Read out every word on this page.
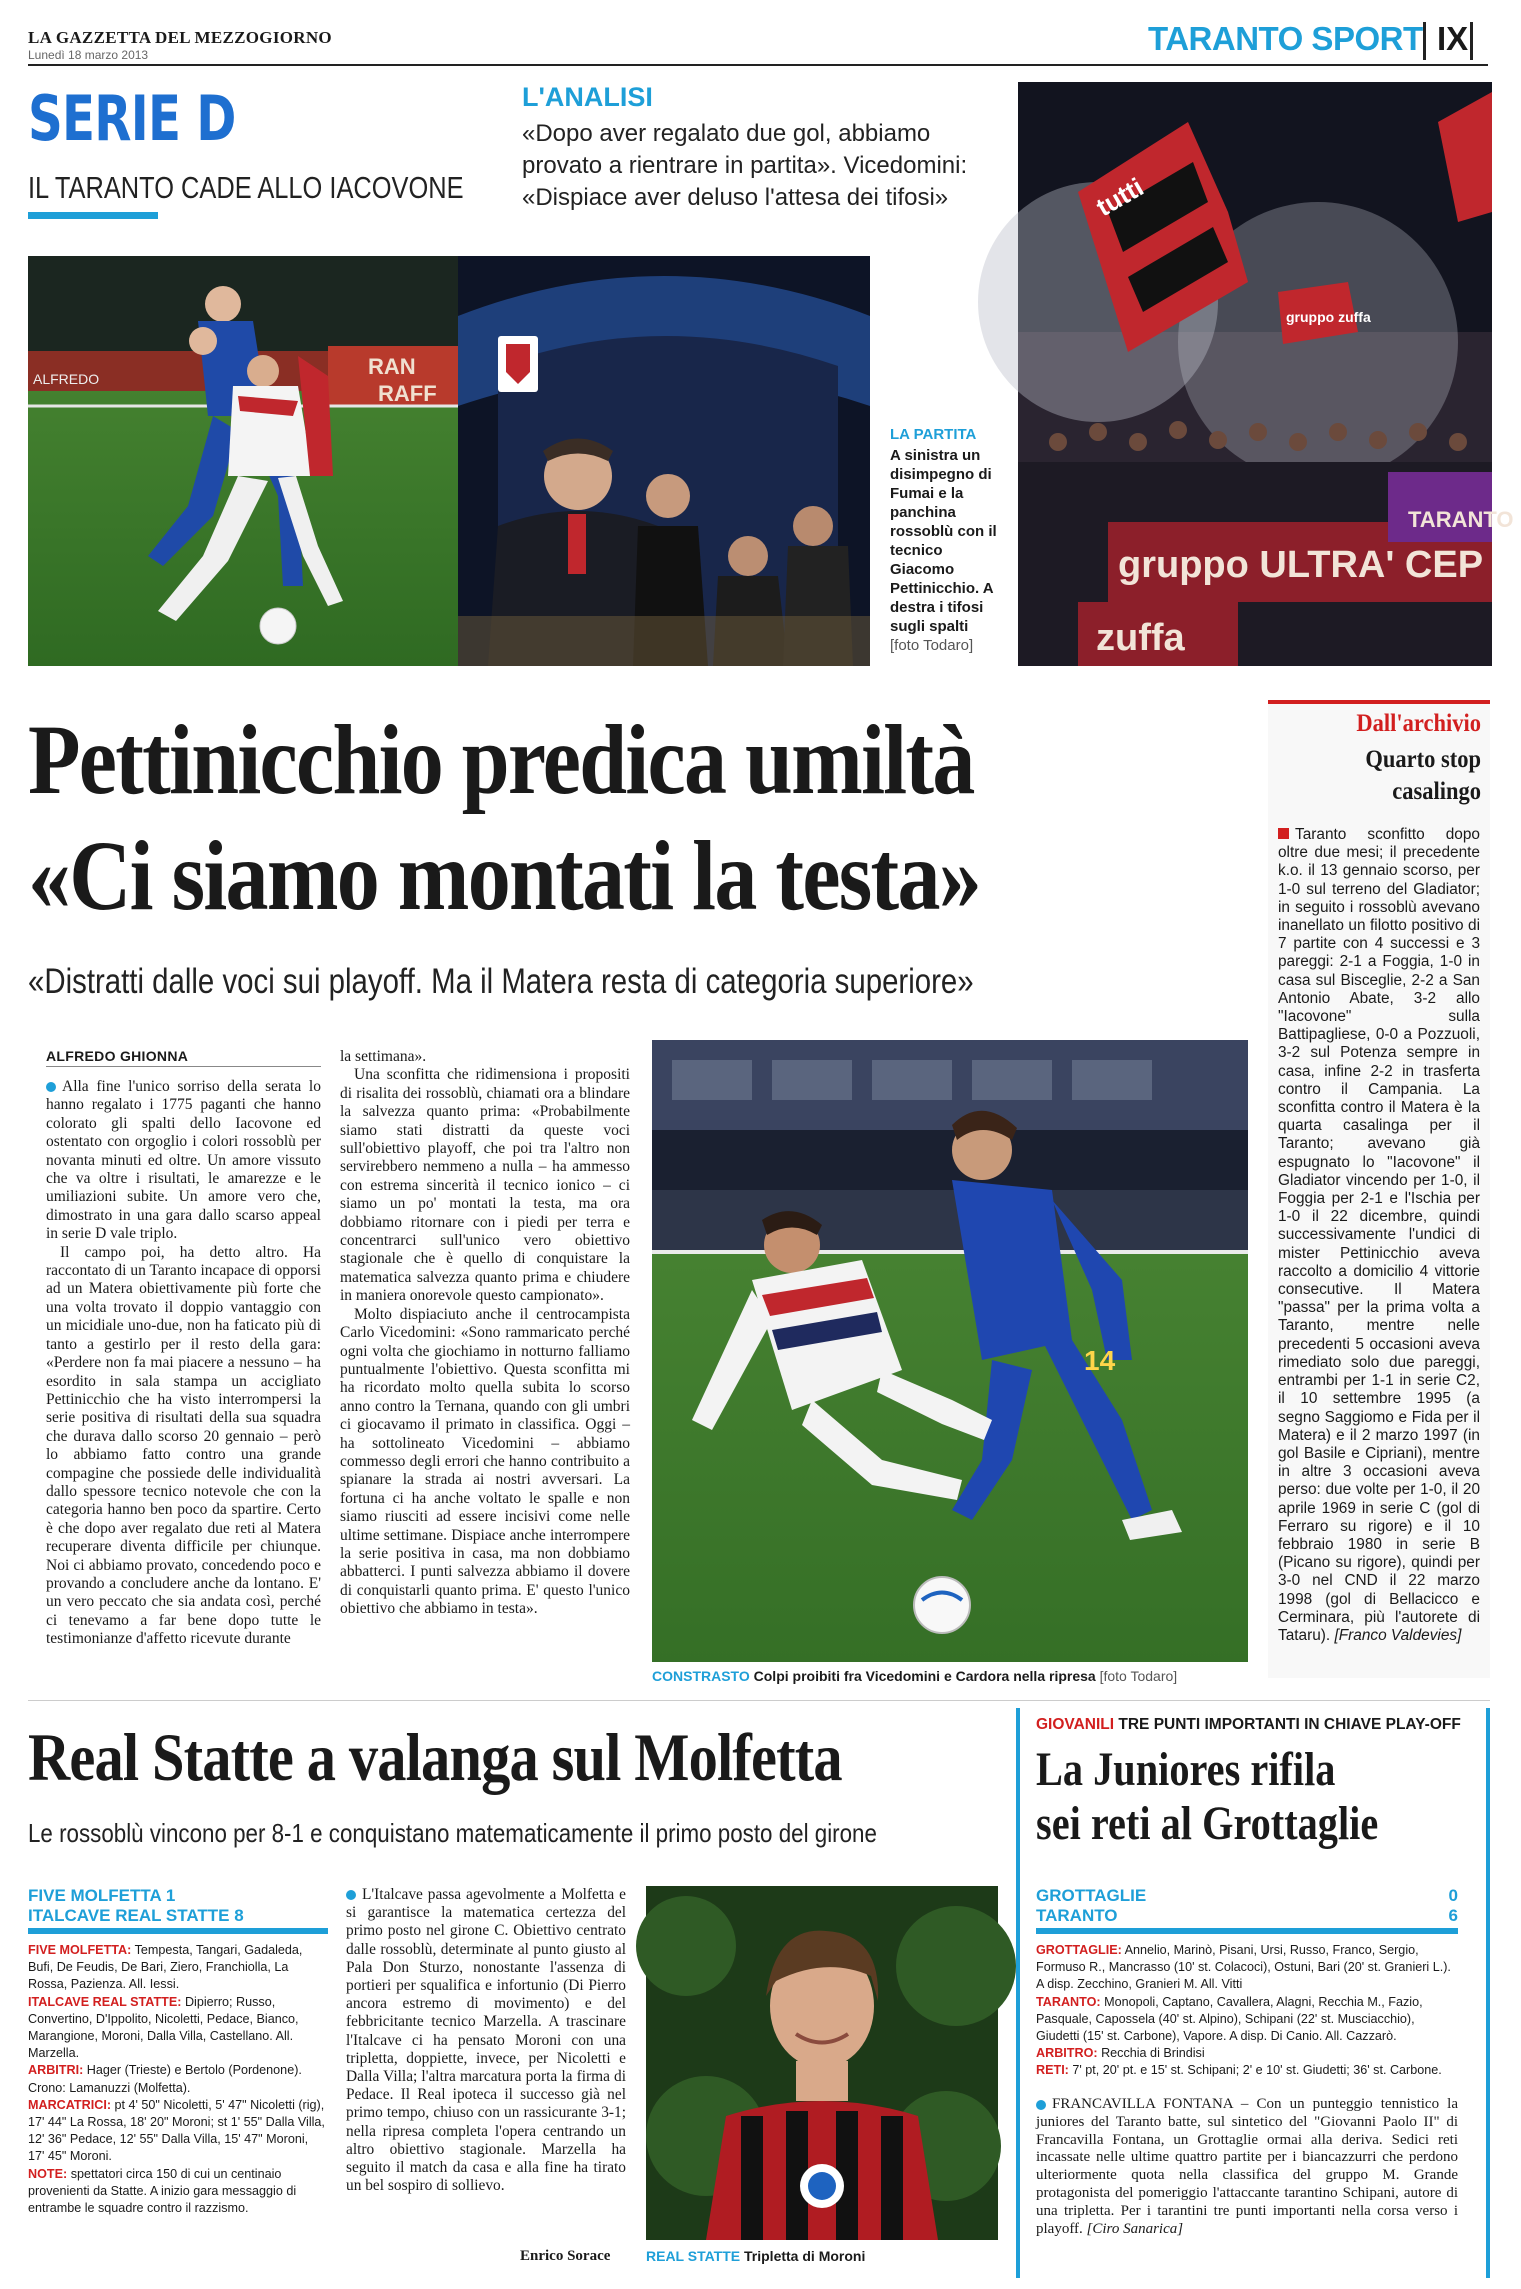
LA GAZZETTA DEL MEZZOGIORNO
Lunedì 18 marzo 2013	TARANTO SPORT IX
SERIE D
IL TARANTO CADE ALLO IACOVONE
L'ANALISI
«Dopo aver regalato due gol, abbiamo provato a rientrare in partita». Vicedomini: «Dispiace aver deluso l'attesa dei tifosi»
RAN
RAFF
ALFREDO
LA PARTITA
A sinistra un disimpegno di Fumai e la panchina rossoblù con il tecnico Giacomo Pettinicchio. A destra i tifosi sugli spalti [foto Todaro]
tutti
gruppo zuffa
gruppo ULTRA' CEP
TARANTO
zuffa
Pettinicchio predica umiltà
«Ci siamo montati la testa»
«Distratti dalle voci sui playoff. Ma il Matera resta di categoria superiore»
Dall'archivio
Quarto stop casalingo
Taranto sconfitto dopo oltre due mesi; il precedente k.o. il 13 gennaio scorso, per 1-0 sul terreno del Gladiator; in seguito i rossoblù avevano inanellato un filotto positivo di 7 partite con 4 successi e 3 pareggi: 2-1 a Foggia, 1-0 in casa sul Bisceglie, 2-2 a San Antonio Abate, 3-2 allo "Iacovone" sulla Battipagliese, 0-0 a Pozzuoli, 3-2 sul Potenza sempre in casa, infine 2-2 in trasferta contro il Campania. La sconfitta contro il Matera è la quarta casalinga per il Taranto; avevano già espugnato lo "Iacovone" il Gladiator vincendo per 1-0, il Foggia per 2-1 e l'Ischia per 1-0 il 22 dicembre, quindi successivamente l'undici di mister Pettinicchio aveva raccolto a domicilio 4 vittorie consecutive. Il Matera "passa" per la prima volta a Taranto, mentre nelle precedenti 5 occasioni aveva rimediato solo due pareggi, entrambi per 1-1 in serie C2, il 10 settembre 1995 (a segno Saggiomo e Fida per il Matera) e il 2 marzo 1997 (in gol Basile e Cipriani), mentre in altre 3 occasioni aveva perso: due volte per 1-0, il 20 aprile 1969 in serie C (gol di Ferraro su rigore) e il 10 febbraio 1980 in serie B (Picano su rigore), quindi per 3-0 nel CND il 22 marzo 1998 (gol di Bellacicco e Cerminara, più l'autorete di Tataru). [Franco Valdevies]
ALFREDO GHIONNA

Alla fine l'unico sorriso della serata lo hanno regalato i 1775 paganti che hanno colorato gli spalti dello Iacovone ed ostentato con orgoglio i colori rossoblù per novanta minuti ed oltre. Un amore vissuto che va oltre i risultati, le amarezze e le umiliazioni subite. Un amore vero che, dimostrato in una gara dallo scarso appeal in serie D vale triplo.

Il campo poi, ha detto altro. Ha raccontato di un Taranto incapace di opporsi ad un Matera obiettivamente più forte che una volta trovato il doppio vantaggio con un micidiale uno-due, non ha faticato più di tanto a gestirlo per il resto della gara: «Perdere non fa mai piacere a nessuno – ha esordito in sala stampa un accigliato Pettinicchio che ha visto interrompersi la serie positiva di risultati della sua squadra che durava dallo scorso 20 gennaio – però lo abbiamo fatto contro una grande compagine che possiede delle individualità dallo spessore tecnico notevole che con la categoria hanno ben poco da spartire. Certo è che dopo aver regalato due reti al Matera recuperare diventa difficile per chiunque. Noi ci abbiamo provato, concedendo poco e provando a concludere anche da lontano. E' un vero peccato che sia andata così, perché ci tenevamo a far bene dopo tutte le testimonianze d'affetto ricevute durante

la settimana».

Una sconfitta che ridimensiona i propositi di risalita dei rossoblù, chiamati ora a blindare la salvezza quanto prima: «Probabilmente siamo stati distratti da queste voci sull'obiettivo playoff, che poi tra l'altro non servirebbero nemmeno a nulla – ha ammesso con estrema sincerità il tecnico ionico – ci siamo un po' montati la testa, ma ora dobbiamo ritornare con i piedi per terra e concentrarci sull'unico vero obiettivo stagionale che è quello di conquistare la matematica salvezza quanto prima e chiudere in maniera onorevole questo campionato».

Molto dispiaciuto anche il centrocampista Carlo Vicedomini: «Sono rammaricato perché ogni volta che giochiamo in notturno falliamo puntualmente l'obiettivo. Questa sconfitta mi ha ricordato molto quella subita lo scorso anno contro la Ternana, quando con gli umbri ci giocavamo il primato in classifica. Oggi – ha sottolineato Vicedomini – abbiamo commesso degli errori che hanno contribuito a spianare la strada ai nostri avversari. La fortuna ci ha anche voltato le spalle e non siamo riusciti ad essere incisivi come nelle ultime settimane. Dispiace anche interrompere la serie positiva in casa, ma non dobbiamo abbatterci. I punti salvezza abbiamo il dovere di conquistarli quanto prima. E' questo l'unico obiettivo che abbiamo in testa».

14
CONSTRASTO Colpi proibiti fra Vicedomini e Cardora nella ripresa [foto Todaro]
Real Statte a valanga sul Molfetta
Le rossoblù vincono per 8-1 e conquistano matematicamente il primo posto del girone
FIVE MOLFETTA 1
ITALCAVE REAL STATTE 8
FIVE MOLFETTA: Tempesta, Tangari, Gadaleda, Bufi, De Feudis, De Bari, Ziero, Franchiolla, La Rossa, Pazienza. All. Iessi.
ITALCAVE REAL STATTE: Dipierro; Russo, Convertino, D'Ippolito, Nicoletti, Pedace, Bianco, Marangione, Moroni, Dalla Villa, Castellano. All. Marzella.
ARBITRI: Hager (Trieste) e Bertolo (Pordenone). Crono: Lamanuzzi (Molfetta).
MARCATRICI: pt 4' 50" Nicoletti, 5' 47" Nicoletti (rig), 17' 44" La Rossa, 18' 20" Moroni; st 1' 55" Dalla Villa, 12' 36" Pedace, 12' 55" Dalla Villa, 15' 47" Moroni, 17' 45" Moroni.
NOTE: spettatori circa 150 di cui un centinaio provenienti da Statte. A inizio gara messaggio di entrambe le squadre contro il razzismo.

L'Italcave passa agevolmente a Molfetta e si garantisce la matematica certezza del primo posto nel girone C. Obiettivo centrato dalle rossoblù, determinate al punto giusto al Pala Don Sturzo, nonostante l'assenza di portieri per squalifica e infortunio (Di Pierro ancora estremo di movimento) e del febbricitante tecnico Marzella. A trascinare l'Italcave ci ha pensato Moroni con una tripletta, doppiette, invece, per Nicoletti e Dalla Villa; l'altra marcatura porta la firma di Pedace. Il Real ipoteca il successo già nel primo tempo, chiuso con un rassicurante 3-1; nella ripresa completa l'opera centrando un altro obiettivo stagionale. Marzella ha seguito il match da casa e alla fine ha tirato un bel sospiro di sollievo.

Enrico Sorace	REAL STATTE Tripletta di Moroni
GIOVANILI TRE PUNTI IMPORTANTI IN CHIAVE PLAY-OFF
La Juniores rifila
sei reti al Grottaglie
GROTTAGLIE	0
TARANTO	6
GROTTAGLIE: Annelio, Marinò, Pisani, Ursi, Russo, Franco, Sergio, Formuso R., Mancrasso (10' st. Colacoci), Ostuni, Bari (20' st. Granieri L.). A disp. Zecchino, Granieri M. All. Vitti
TARANTO: Monopoli, Captano, Cavallera, Alagni, Recchia M., Fazio, Pasquale, Capossela (40' st. Alpino), Schipani (22' st. Musciacchio), Giudetti (15' st. Carbone), Vapore. A disp. Di Canio. All. Cazzarò.
ARBITRO: Recchia di Brindisi
RETI: 7' pt, 20' pt. e 15' st. Schipani; 2' e 10' st. Giudetti; 36' st. Carbone.

FRANCAVILLA FONTANA – Con un punteggio tennistico la juniores del Taranto batte, sul sintetico del "Giovanni Paolo II" di Francavilla Fontana, un Grottaglie ormai alla deriva. Sedici reti incassate nelle ultime quattro partite per i biancazzurri che perdono ulteriormente quota nella classifica del gruppo M. Grande protagonista del pomeriggio l'attaccante tarantino Schipani, autore di una tripletta. Per i tarantini tre punti importanti nella corsa verso i playoff. [Ciro Sanarica]
